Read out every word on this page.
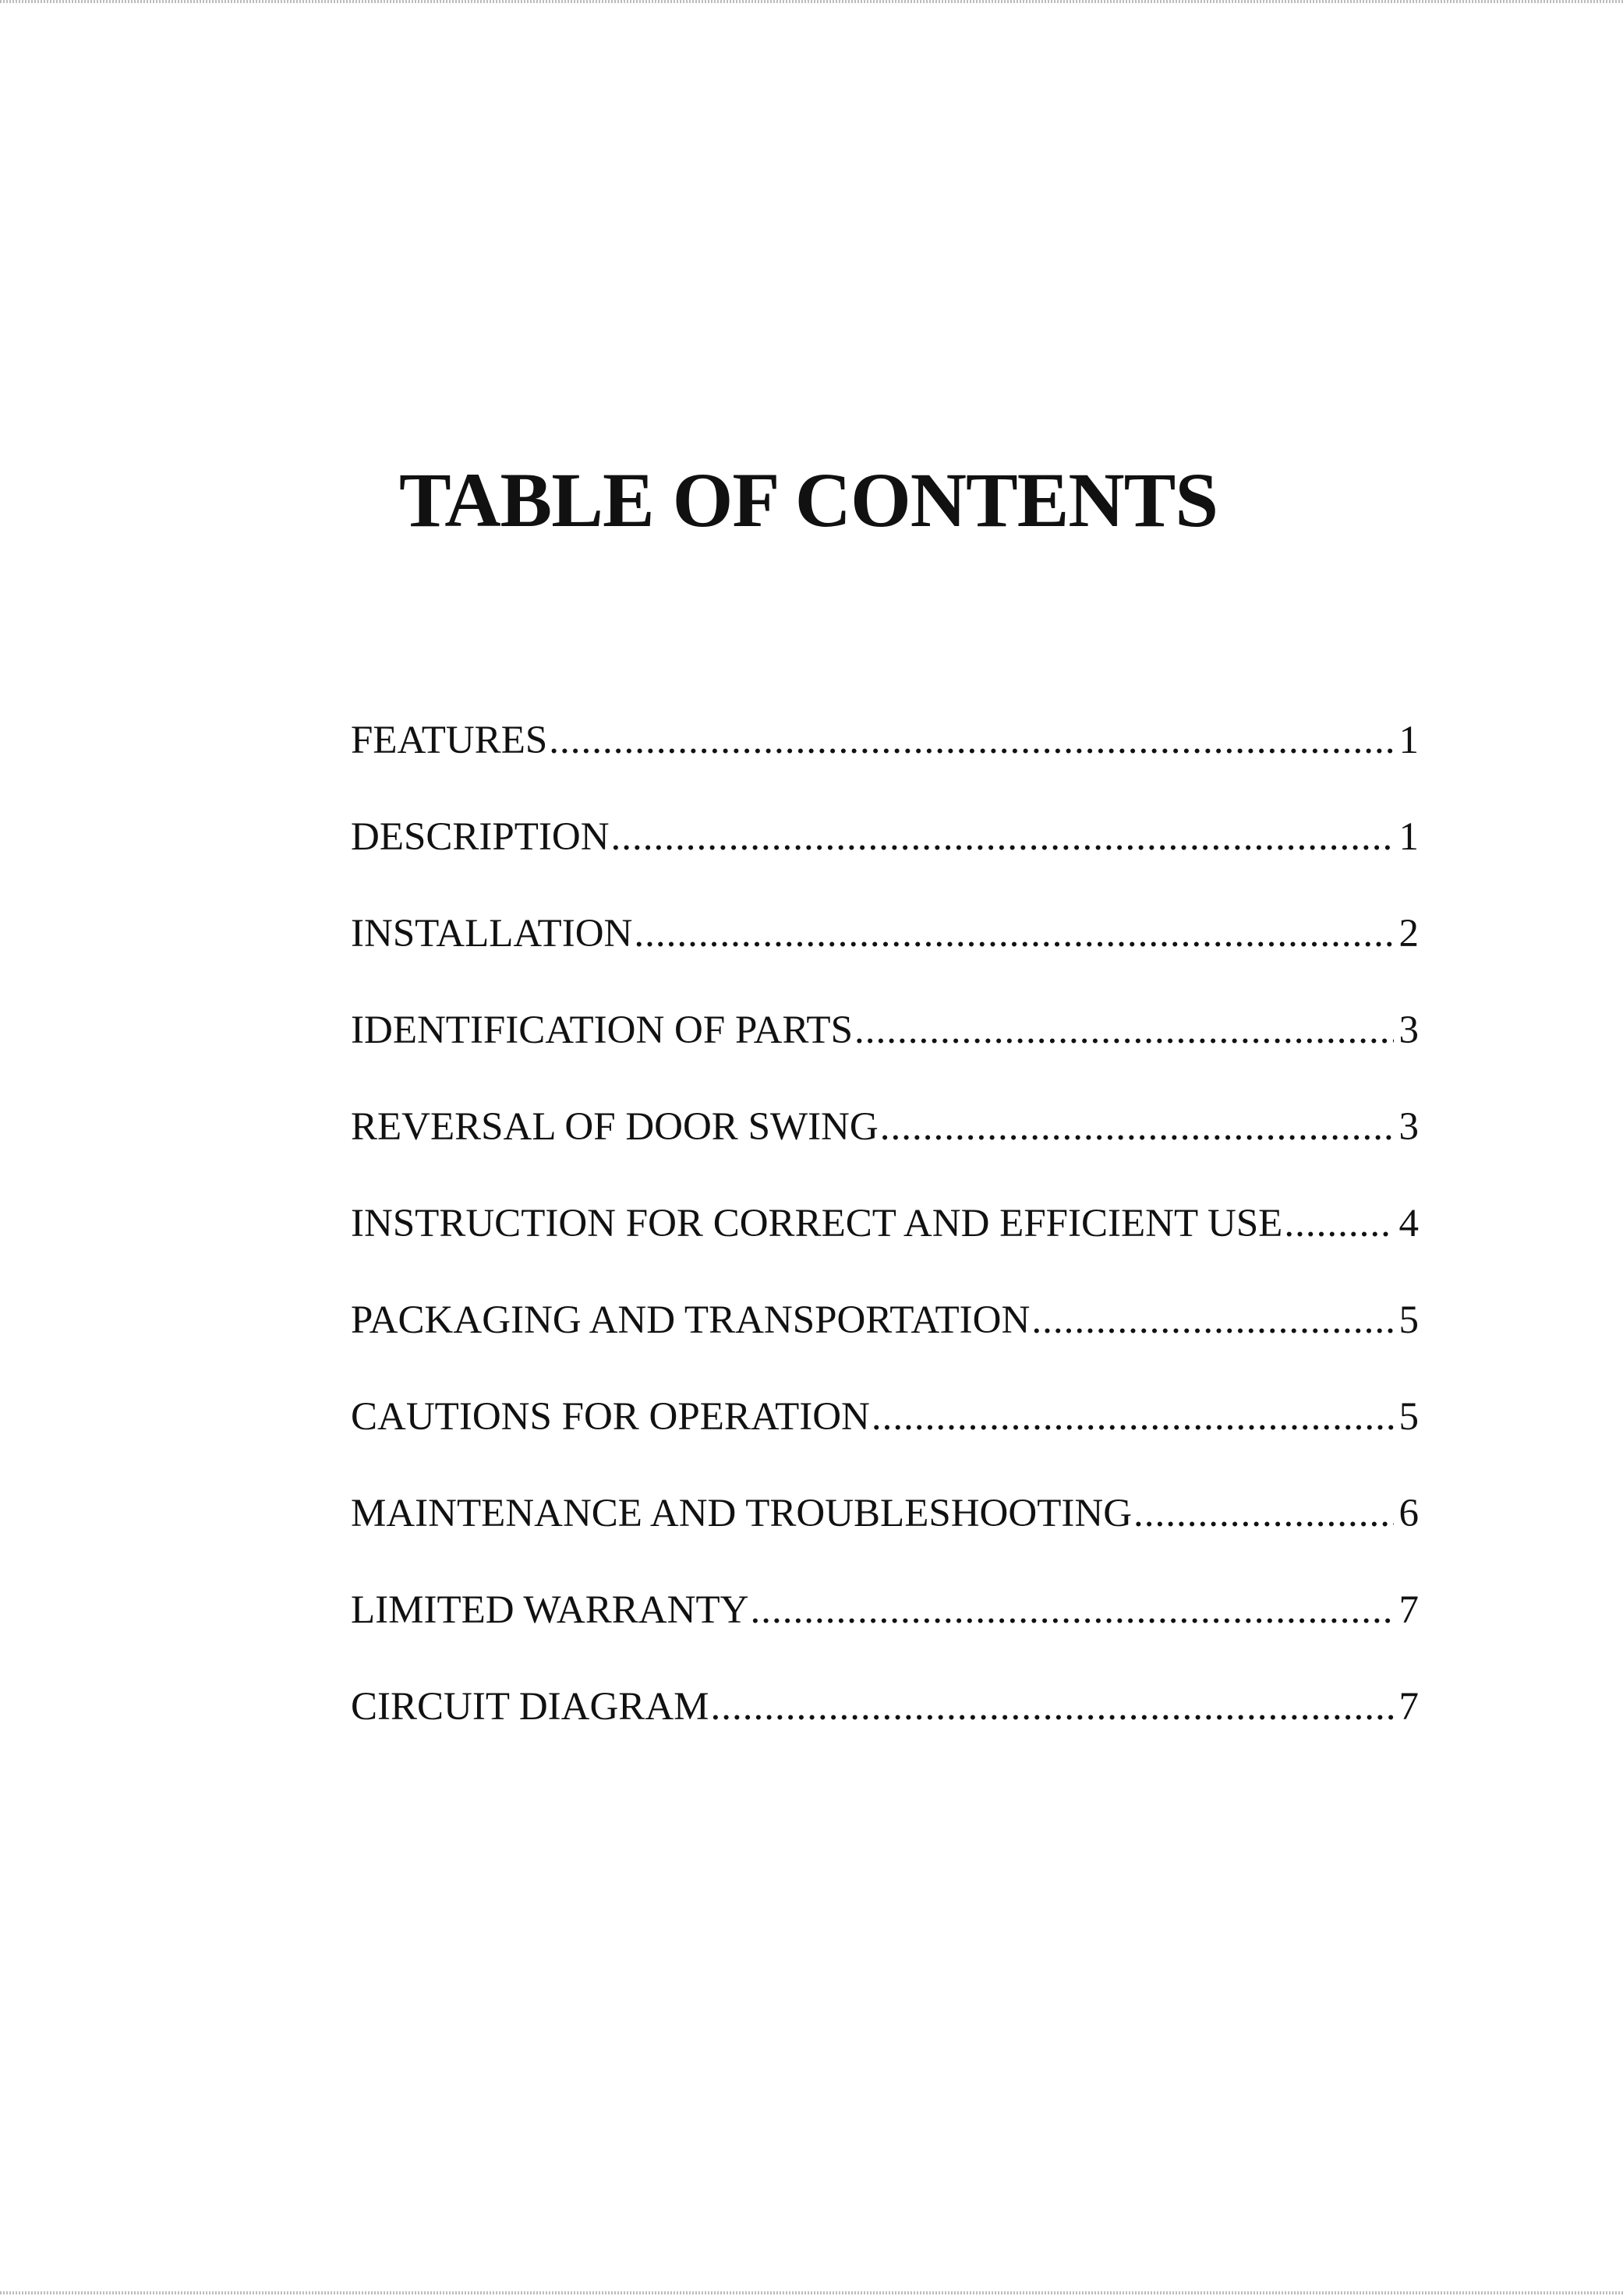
TABLE OF CONTENTS
FEATURES .....	1
DESCRIPTION .....	1
INSTALLATION .....	2
IDENTIFICATION OF PARTS .....	3
REVERSAL OF DOOR SWING .....	3
INSTRUCTION FOR CORRECT AND EFFICIENT USE .....	4
PACKAGING AND TRANSPORTATION .....	5
CAUTIONS FOR OPERATION .....	5
MAINTENANCE AND TROUBLESHOOTING .....	6
LIMITED WARRANTY .....	7
CIRCUIT DIAGRAM .....	7
